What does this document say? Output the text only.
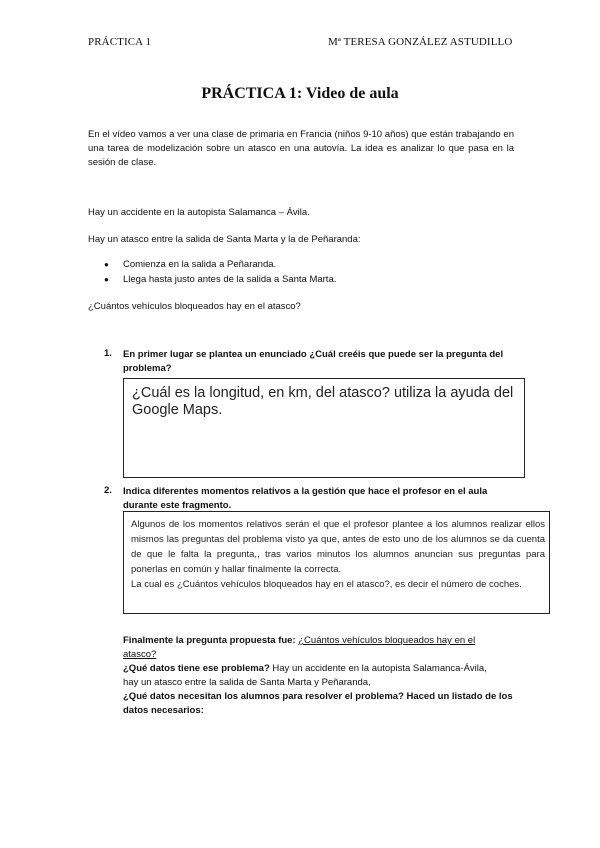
PRÁCTICA 1	Mª TERESA GONZÁLEZ ASTUDILLO
PRÁCTICA 1: Video de aula
En el vídeo vamos a ver una clase de primaria en Francia (niños 9-10 años) que están trabajando en una tarea de modelización sobre un atasco en una autovía. La idea es analizar lo que pasa en la sesión de clase.
Hay un accidente en la autopista Salamanca – Ávila.
Hay un atasco entre la salida de Santa Marta y la de Peñaranda:
● Comienza en la salida a Peñaranda.
● Llega hasta justo antes de la salida a Santa Marta.
¿Cuántos vehículos bloqueados hay en el atasco?
1. En primer lugar se plantea un enunciado ¿Cuál creéis que puede ser la pregunta del
problema?
¿Cuál es la longitud, en km, del atasco? utiliza la ayuda del Google Maps.
2. Indica diferentes momentos relativos a la gestión que hace el profesor en el aula
durante este fragmento.
Algunos de los momentos relativos serán el que el profesor plantee a los alumnos realizar ellos mismos las preguntas del problema visto ya que, antes de esto uno de los alumnos se da cuenta de que le falta la pregunta,, tras varios minutos los alumnos anuncian sus preguntas para ponerlas en común y hallar finalmente la correcta.
La cual es ¿Cuántos vehículos bloqueados hay en el atasco?, es decir el número de coches.
Finalmente la pregunta propuesta fue: ¿Cuántos vehículos bloqueados hay en el
atasco?
¿Qué datos tiene ese problema? Hay un accidente en la autopista Salamanca-Ávila,
hay un atasco entre la salida de Santa Marta y Peñaranda,
¿Qué datos necesitan los alumnos para resolver el problema? Haced un listado de los
datos necesarios:
